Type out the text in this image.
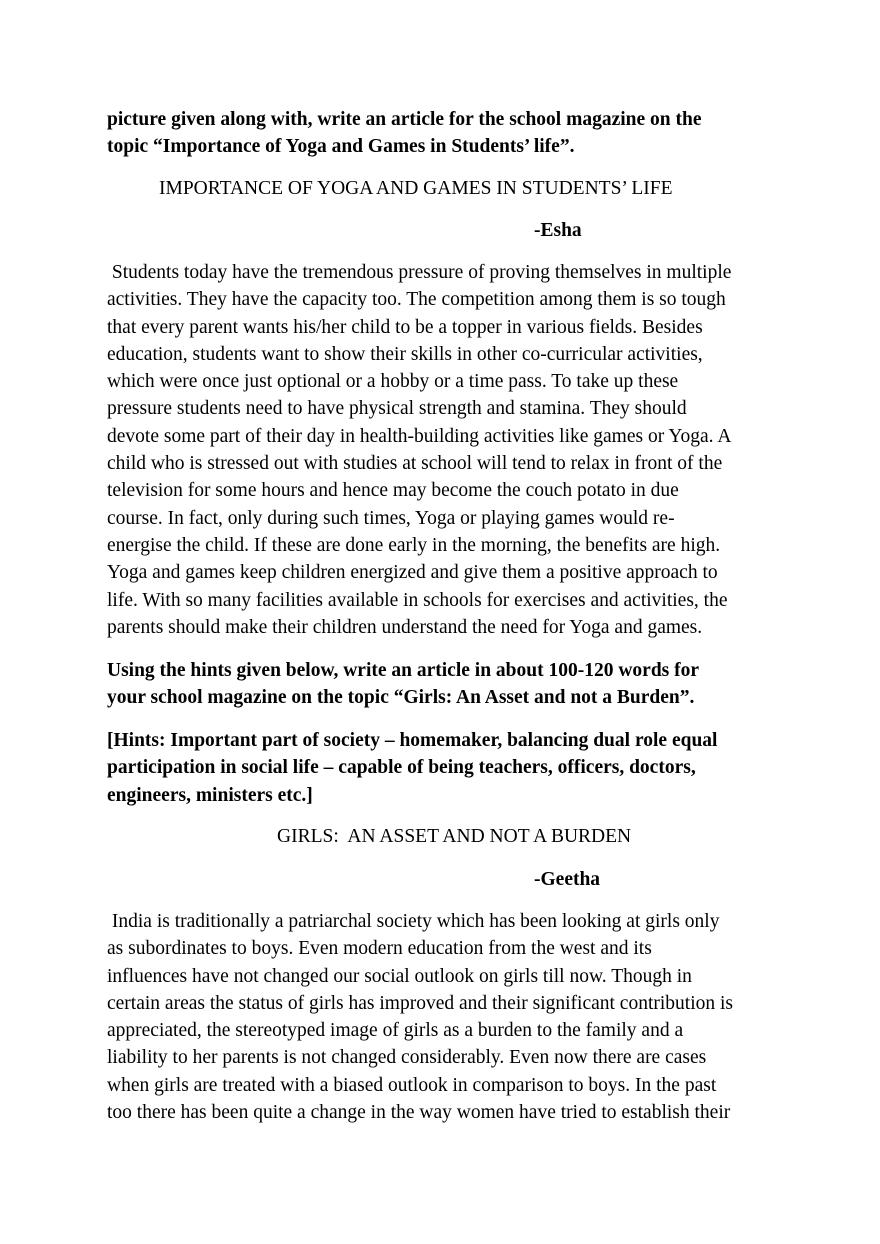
picture given along with, write an article for the school magazine on the
topic “Importance of Yoga and Games in Students’ life”.

IMPORTANCE OF YOGA AND GAMES IN STUDENTS’ LIFE

-Esha

Students today have the tremendous pressure of proving themselves in multiple
activities. They have the capacity too. The competition among them is so tough
that every parent wants his/her child to be a topper in various fields. Besides
education, students want to show their skills in other co-curricular activities,
which were once just optional or a hobby or a time pass. To take up these
pressure students need to have physical strength and stamina. They should
devote some part of their day in health-building activities like games or Yoga. A
child who is stressed out with studies at school will tend to relax in front of the
television for some hours and hence may become the couch potato in due
course. In fact, only during such times, Yoga or playing games would re-
energise the child. If these are done early in the morning, the benefits are high.
Yoga and games keep children energized and give them a positive approach to
life. With so many facilities available in schools for exercises and activities, the
parents should make their children understand the need for Yoga and games.

Using the hints given below, write an article in about 100-120 words for
your school magazine on the topic “Girls: An Asset and not a Burden”.

[Hints: Important part of society – homemaker, balancing dual role equal
participation in social life – capable of being teachers, officers, doctors,
engineers, ministers etc.]

GIRLS:  AN ASSET AND NOT A BURDEN

-Geetha

India is traditionally a patriarchal society which has been looking at girls only
as subordinates to boys. Even modern education from the west and its
influences have not changed our social outlook on girls till now. Though in
certain areas the status of girls has improved and their significant contribution is
appreciated, the stereotyped image of girls as a burden to the family and a
liability to her parents is not changed considerably. Even now there are cases
when girls are treated with a biased outlook in comparison to boys. In the past
too there has been quite a change in the way women have tried to establish their
